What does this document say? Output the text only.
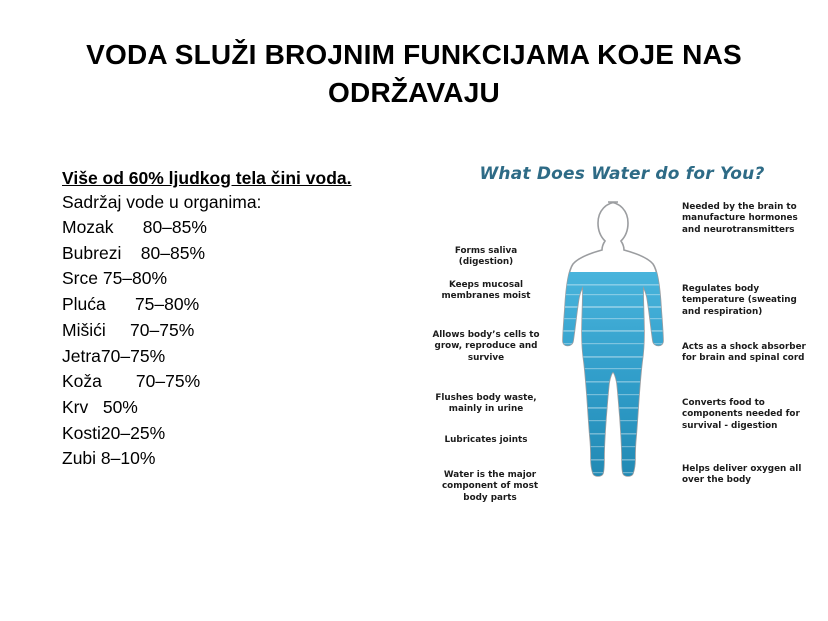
VODA SLUŽI BROJNIM FUNKCIJAMA KOJE NAS ODRŽAVAJU
Više od 60% ljudkog tela čini voda.
Sadržaj vode u organima:
Mozak      80–85%
Bubrezi    80–85%
Srce 75–80%
Pluća      75–80%
Mišići     70–75%
Jetra70–75%
Koža       70–75%
Krv   50%
Kosti20–25%
Zubi 8–10%
What Does Water do for You?
Needed by the brain to manufacture hormones and neurotransmitters
Forms saliva (digestion)
Keeps mucosal membranes moist
Regulates body temperature (sweating and respiration)
Allows body’s cells to grow, reproduce and survive
Acts as a shock absorber for brain and spinal cord
Flushes body waste, mainly in urine
Converts food to components needed for survival - digestion
Lubricates joints
Helps deliver oxygen all over the body
Water is the major component of most body parts
